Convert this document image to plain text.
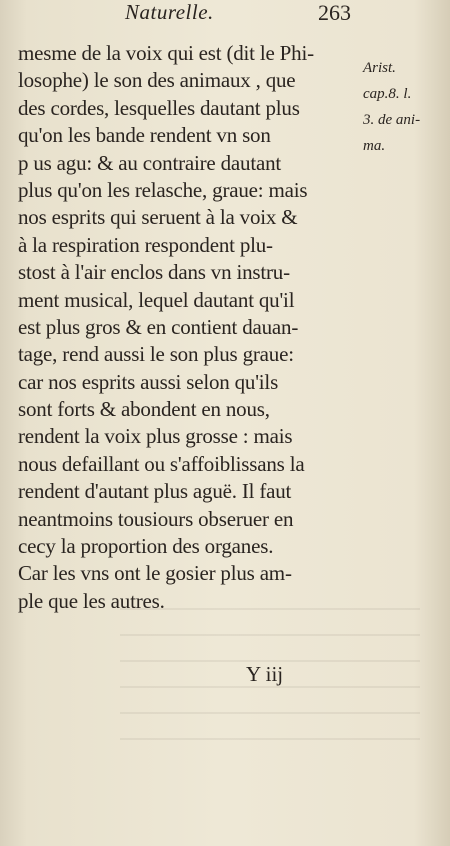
Naturelle.	263
mesme de la voix qui est (dit le Phi-
losophe) le son des animaux , que
des cordes, lesquelles dautant plus
qu'on les bande rendent vn son
p us agu: & au contraire dautant
plus qu'on les relasche, graue: mais
nos esprits qui seruent à la voix &
à la respiration respondent plu-
stost à l'air enclos dans vn instru-
ment musical, lequel dautant qu'il
est plus gros & en contient dauan-
tage, rend aussi le son plus graue:
car nos esprits aussi selon qu'ils
sont forts & abondent en nous,
rendent la voix plus grosse : mais
nous defaillant ou s'affoiblissans la
rendent d'autant plus aguë. Il faut
neantmoins tousiours obseruer en
cecy la proportion des organes.
Car les vns ont le gosier plus am-
ple que les autres.
Arist.
cap.8. l.
3. de ani-
ma.
Y iij
